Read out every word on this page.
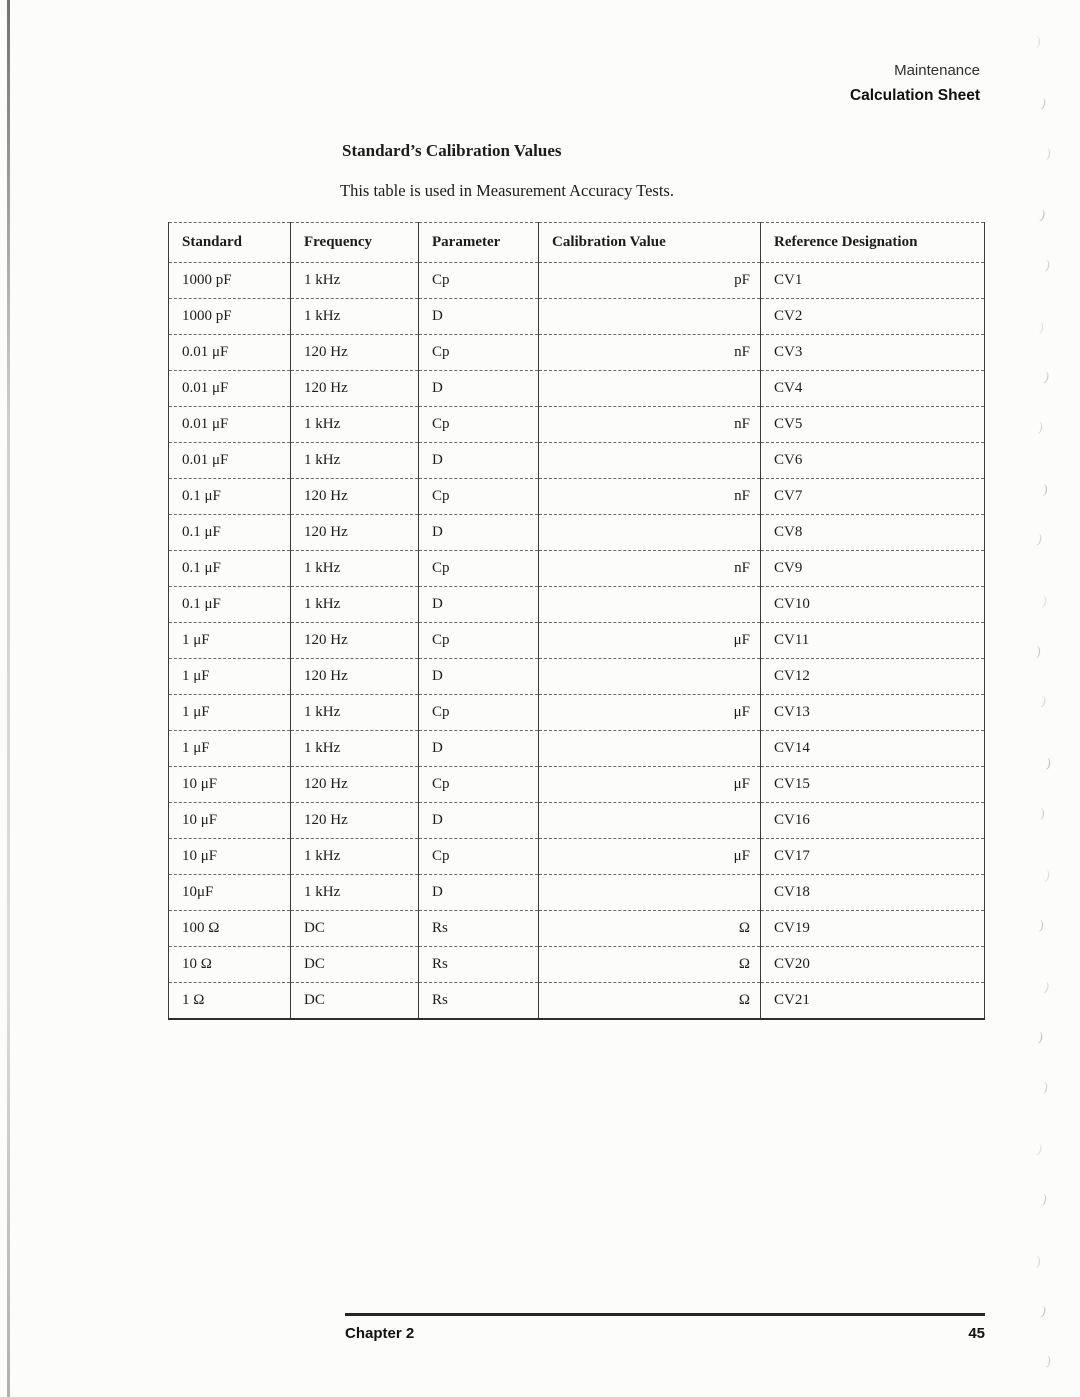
Maintenance
Calculation Sheet
Standard’s Calibration Values

This table is used in Measurement Accuracy Tests.

Standard	Frequency	Parameter	Calibration Value	Reference Designation
1000 pF	1 kHz	Cp	pF	CV1
1000 pF	1 kHz	D		CV2
0.01 μF	120 Hz	Cp	nF	CV3
0.01 μF	120 Hz	D		CV4
0.01 μF	1 kHz	Cp	nF	CV5
0.01 μF	1 kHz	D		CV6
0.1 μF	120 Hz	Cp	nF	CV7
0.1 μF	120 Hz	D		CV8
0.1 μF	1 kHz	Cp	nF	CV9
0.1 μF	1 kHz	D		CV10
1 μF	120 Hz	Cp	μF	CV11
1 μF	120 Hz	D		CV12
1 μF	1 kHz	Cp	μF	CV13
1 μF	1 kHz	D		CV14
10 μF	120 Hz	Cp	μF	CV15
10 μF	120 Hz	D		CV16
10 μF	1 kHz	Cp	μF	CV17
10μF	1 kHz	D		CV18
100 Ω	DC	Rs	Ω	CV19
10 Ω	DC	Rs	Ω	CV20
1 Ω	DC	Rs	Ω	CV21
Chapter 2	45
)
)
)
)
)
)
)
)
)
)
)
)
)
)
)
)
)
)
)
)
)
)
)
)
)
